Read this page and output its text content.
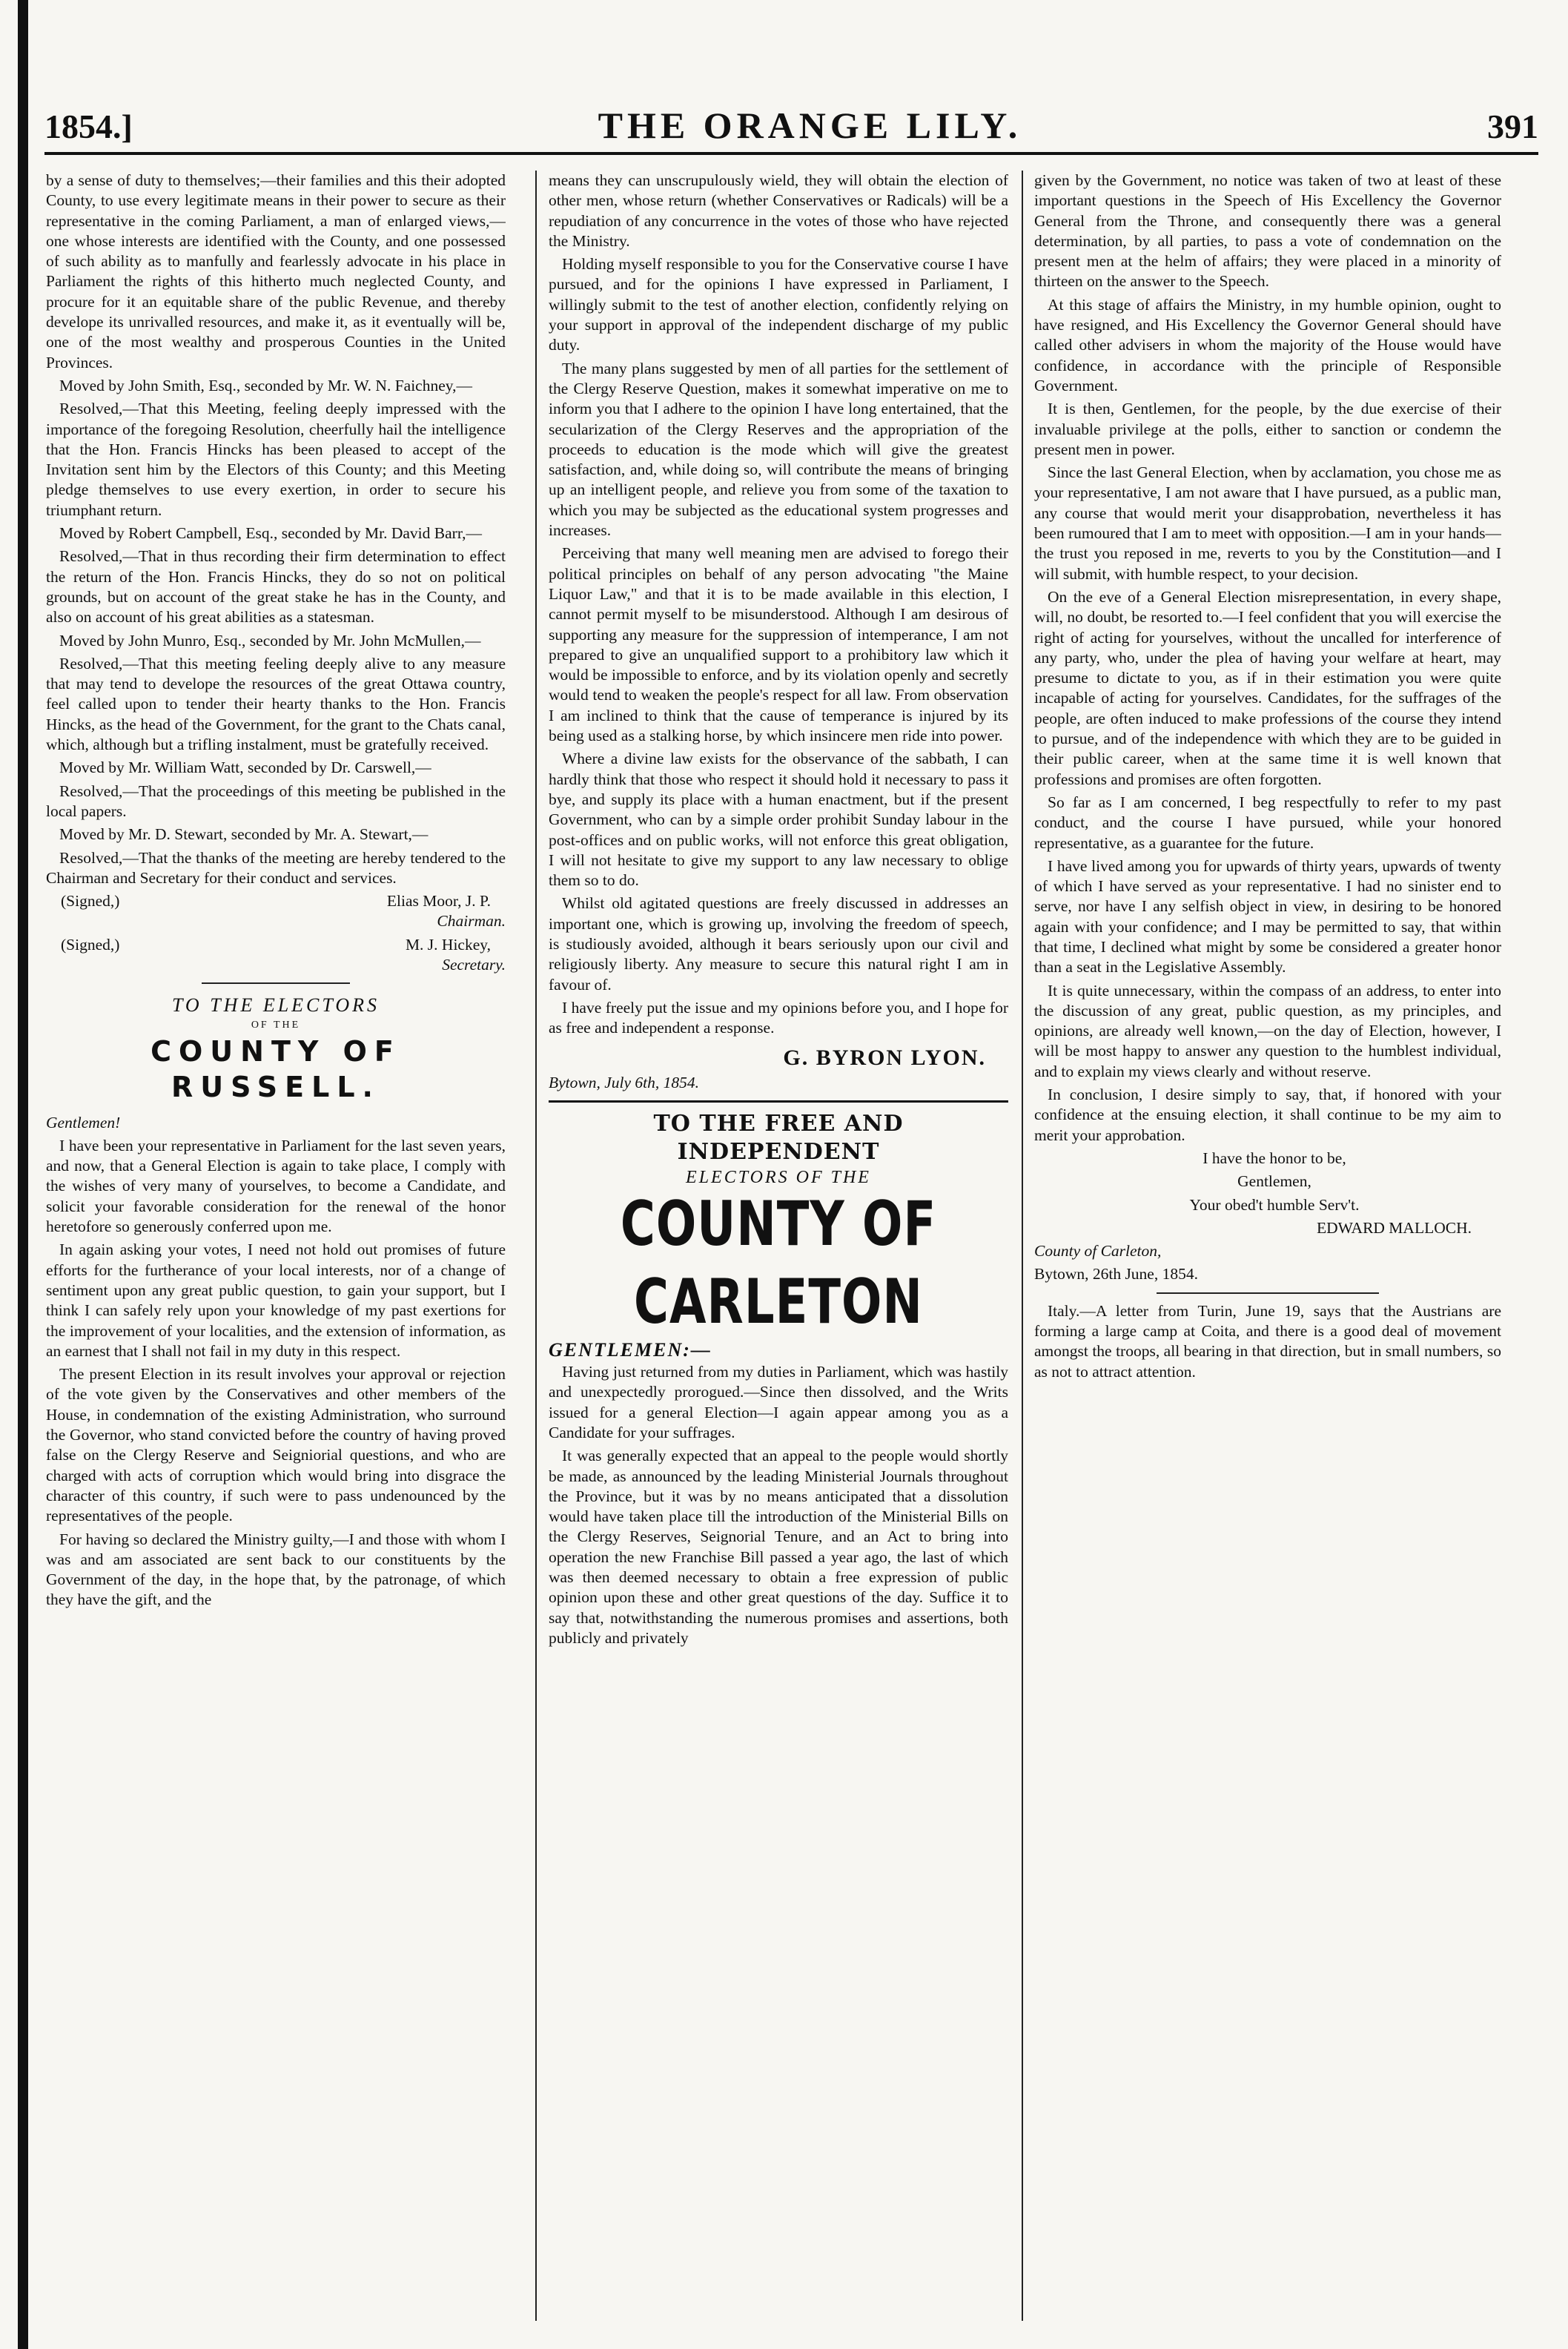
1854.]	THE ORANGE LILY.	391

by a sense of duty to themselves;—their families and this their adopted County, to use every legitimate means in their power to secure as their representative in the coming Parliament, a man of enlarged views,—one whose interests are identified with the County, and one possessed of such ability as to manfully and fearlessly advocate in his place in Parliament the rights of this hitherto much neglected County, and procure for it an equitable share of the public Revenue, and thereby develope its unrivalled resources, and make it, as it eventually will be, one of the most wealthy and prosperous Counties in the United Provinces.

Moved by John Smith, Esq., seconded by Mr. W. N. Faichney,—

Resolved,—That this Meeting, feeling deeply impressed with the importance of the foregoing Resolution, cheerfully hail the intelligence that the Hon. Francis Hincks has been pleased to accept of the Invitation sent him by the Electors of this County; and this Meeting pledge themselves to use every exertion, in order to secure his triumphant return.

Moved by Robert Campbell, Esq., seconded by Mr. David Barr,—

Resolved,—That in thus recording their firm determination to effect the return of the Hon. Francis Hincks, they do so not on political grounds, but on account of the great stake he has in the County, and also on account of his great abilities as a statesman.

Moved by John Munro, Esq., seconded by Mr. John McMullen,—

Resolved,—That this meeting feeling deeply alive to any measure that may tend to develope the resources of the great Ottawa country, feel called upon to tender their hearty thanks to the Hon. Francis Hincks, as the head of the Government, for the grant to the Chats canal, which, although but a trifling instalment, must be gratefully received.

Moved by Mr. William Watt, seconded by Dr. Carswell,—

Resolved,—That the proceedings of this meeting be published in the local papers.

Moved by Mr. D. Stewart, seconded by Mr. A. Stewart,—

Resolved,—That the thanks of the meeting are hereby tendered to the Chairman and Secretary for their conduct and services.

(Signed,)	Elias Moor, J. P.

Chairman.

(Signed,)	M. J. Hickey,

Secretary.

TO THE ELECTORS
OF THE
COUNTY OF RUSSELL.

Gentlemen!

I have been your representative in Parliament for the last seven years, and now, that a General Election is again to take place, I comply with the wishes of very many of yourselves, to become a Candidate, and solicit your favorable consideration for the renewal of the honor heretofore so generously conferred upon me.

In again asking your votes, I need not hold out promises of future efforts for the furtherance of your local interests, nor of a change of sentiment upon any great public question, to gain your support, but I think I can safely rely upon your knowledge of my past exertions for the improvement of your localities, and the extension of information, as an earnest that I shall not fail in my duty in this respect.

The present Election in its result involves your approval or rejection of the vote given by the Conservatives and other members of the House, in condemnation of the existing Administration, who surround the Governor, who stand convicted before the country of having proved false on the Clergy Reserve and Seigniorial questions, and who are charged with acts of corruption which would bring into disgrace the character of this country, if such were to pass undenounced by the representatives of the people.

For having so declared the Ministry guilty,—I and those with whom I was and am associated are sent back to our constituents by the Government of the day, in the hope that, by the patronage, of which they have the gift, and the

means they can unscrupulously wield, they will obtain the election of other men, whose return (whether Conservatives or Radicals) will be a repudiation of any concurrence in the votes of those who have rejected the Ministry.

Holding myself responsible to you for the Conservative course I have pursued, and for the opinions I have expressed in Parliament, I willingly submit to the test of another election, confidently relying on your support in approval of the independent discharge of my public duty.

The many plans suggested by men of all parties for the settlement of the Clergy Reserve Question, makes it somewhat imperative on me to inform you that I adhere to the opinion I have long entertained, that the secularization of the Clergy Reserves and the appropriation of the proceeds to education is the mode which will give the greatest satisfaction, and, while doing so, will contribute the means of bringing up an intelligent people, and relieve you from some of the taxation to which you may be subjected as the educational system progresses and increases.

Perceiving that many well meaning men are advised to forego their political principles on behalf of any person advocating "the Maine Liquor Law," and that it is to be made available in this election, I cannot permit myself to be misunderstood. Although I am desirous of supporting any measure for the suppression of intemperance, I am not prepared to give an unqualified support to a prohibitory law which it would be impossible to enforce, and by its violation openly and secretly would tend to weaken the people's respect for all law. From observation I am inclined to think that the cause of temperance is injured by its being used as a stalking horse, by which insincere men ride into power.

Where a divine law exists for the observance of the sabbath, I can hardly think that those who respect it should hold it necessary to pass it bye, and supply its place with a human enactment, but if the present Government, who can by a simple order prohibit Sunday labour in the post-offices and on public works, will not enforce this great obligation, I will not hesitate to give my support to any law necessary to oblige them so to do.

Whilst old agitated questions are freely discussed in addresses an important one, which is growing up, involving the freedom of speech, is studiously avoided, although it bears seriously upon our civil and religiously liberty. Any measure to secure this natural right I am in favour of.

I have freely put the issue and my opinions before you, and I hope for as free and independent a response.

G. BYRON LYON.

Bytown, July 6th, 1854.

TO THE FREE AND INDEPENDENT
ELECTORS OF THE
COUNTY OF CARLETON
GENTLEMEN:—

Having just returned from my duties in Parliament, which was hastily and unexpectedly prorogued.—Since then dissolved, and the Writs issued for a general Election—I again appear among you as a Candidate for your suffrages.

It was generally expected that an appeal to the people would shortly be made, as announced by the leading Ministerial Journals throughout the Province, but it was by no means anticipated that a dissolution would have taken place till the introduction of the Ministerial Bills on the Clergy Reserves, Seignorial Tenure, and an Act to bring into operation the new Franchise Bill passed a year ago, the last of which was then deemed necessary to obtain a free expression of public opinion upon these and other great questions of the day. Suffice it to say that, notwithstanding the numerous promises and assertions, both publicly and privately

given by the Government, no notice was taken of two at least of these important questions in the Speech of His Excellency the Governor General from the Throne, and consequently there was a general determination, by all parties, to pass a vote of condemnation on the present men at the helm of affairs; they were placed in a minority of thirteen on the answer to the Speech.

At this stage of affairs the Ministry, in my humble opinion, ought to have resigned, and His Excellency the Governor General should have called other advisers in whom the majority of the House would have confidence, in accordance with the principle of Responsible Government.

It is then, Gentlemen, for the people, by the due exercise of their invaluable privilege at the polls, either to sanction or condemn the present men in power.

Since the last General Election, when by acclamation, you chose me as your representative, I am not aware that I have pursued, as a public man, any course that would merit your disapprobation, nevertheless it has been rumoured that I am to meet with opposition.—I am in your hands—the trust you reposed in me, reverts to you by the Constitution—and I will submit, with humble respect, to your decision.

On the eve of a General Election misrepresentation, in every shape, will, no doubt, be resorted to.—I feel confident that you will exercise the right of acting for yourselves, without the uncalled for interference of any party, who, under the plea of having your welfare at heart, may presume to dictate to you, as if in their estimation you were quite incapable of acting for yourselves. Candidates, for the suffrages of the people, are often induced to make professions of the course they intend to pursue, and of the independence with which they are to be guided in their public career, when at the same time it is well known that professions and promises are often forgotten.

So far as I am concerned, I beg respectfully to refer to my past conduct, and the course I have pursued, while your honored representative, as a guarantee for the future.

I have lived among you for upwards of thirty years, upwards of twenty of which I have served as your representative. I had no sinister end to serve, nor have I any selfish object in view, in desiring to be honored again with your confidence; and I may be permitted to say, that within that time, I declined what might by some be considered a greater honor than a seat in the Legislative Assembly.

It is quite unnecessary, within the compass of an address, to enter into the discussion of any great, public question, as my principles, and opinions, are already well known,—on the day of Election, however, I will be most happy to answer any question to the humblest individual, and to explain my views clearly and without reserve.

In conclusion, I desire simply to say, that, if honored with your confidence at the ensuing election, it shall continue to be my aim to merit your approbation.

I have the honor to be,

Gentlemen,

Your obed't humble Serv't.

EDWARD MALLOCH.

County of Carleton,

Bytown, 26th June, 1854.

Italy.—A letter from Turin, June 19, says that the Austrians are forming a large camp at Coita, and there is a good deal of movement amongst the troops, all bearing in that direction, but in small numbers, so as not to attract attention.
